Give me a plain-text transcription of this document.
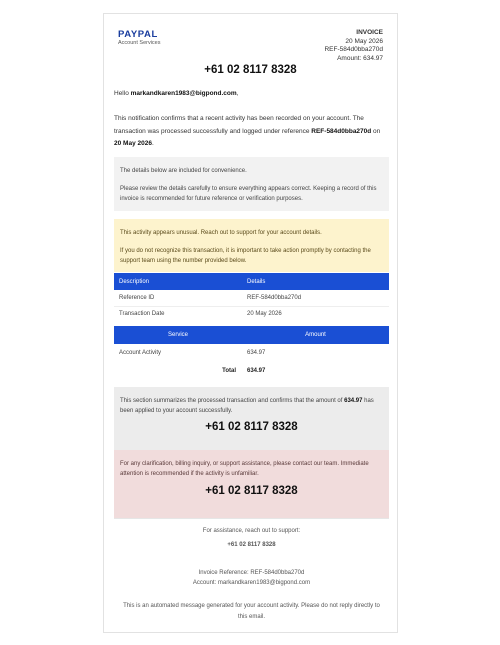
PAYPAL
Account Services
INVOICE
20 May 2026
REF-584d0bba270d
Amount: 634.97
+61 02 8117 8328
Hello markandkaren1983@bigpond.com,
This notification confirms that a recent activity has been recorded on your account. The transaction was processed successfully and logged under reference REF-584d0bba270d on 20 May 2026.
The details below are included for convenience.
Please review the details carefully to ensure everything appears correct. Keeping a record of this invoice is recommended for future reference or verification purposes.
This activity appears unusual. Reach out to support for your account details.
If you do not recognize this transaction, it is important to take action promptly by contacting the support team using the number provided below.
Description	Details
Reference ID	REF-584d0bba270d
Transaction Date	20 May 2026
Service	Amount
Account Activity	634.97
Total	634.97
This section summarizes the processed transaction and confirms that the amount of 634.97 has been applied to your account successfully.
+61 02 8117 8328
For any clarification, billing inquiry, or support assistance, please contact our team. Immediate attention is recommended if the activity is unfamiliar.
+61 02 8117 8328
For assistance, reach out to support:
+61 02 8117 8328
Invoice Reference: REF-584d0bba270d
Account: markandkaren1983@bigpond.com
This is an automated message generated for your account activity. Please do not reply directly to this email.
